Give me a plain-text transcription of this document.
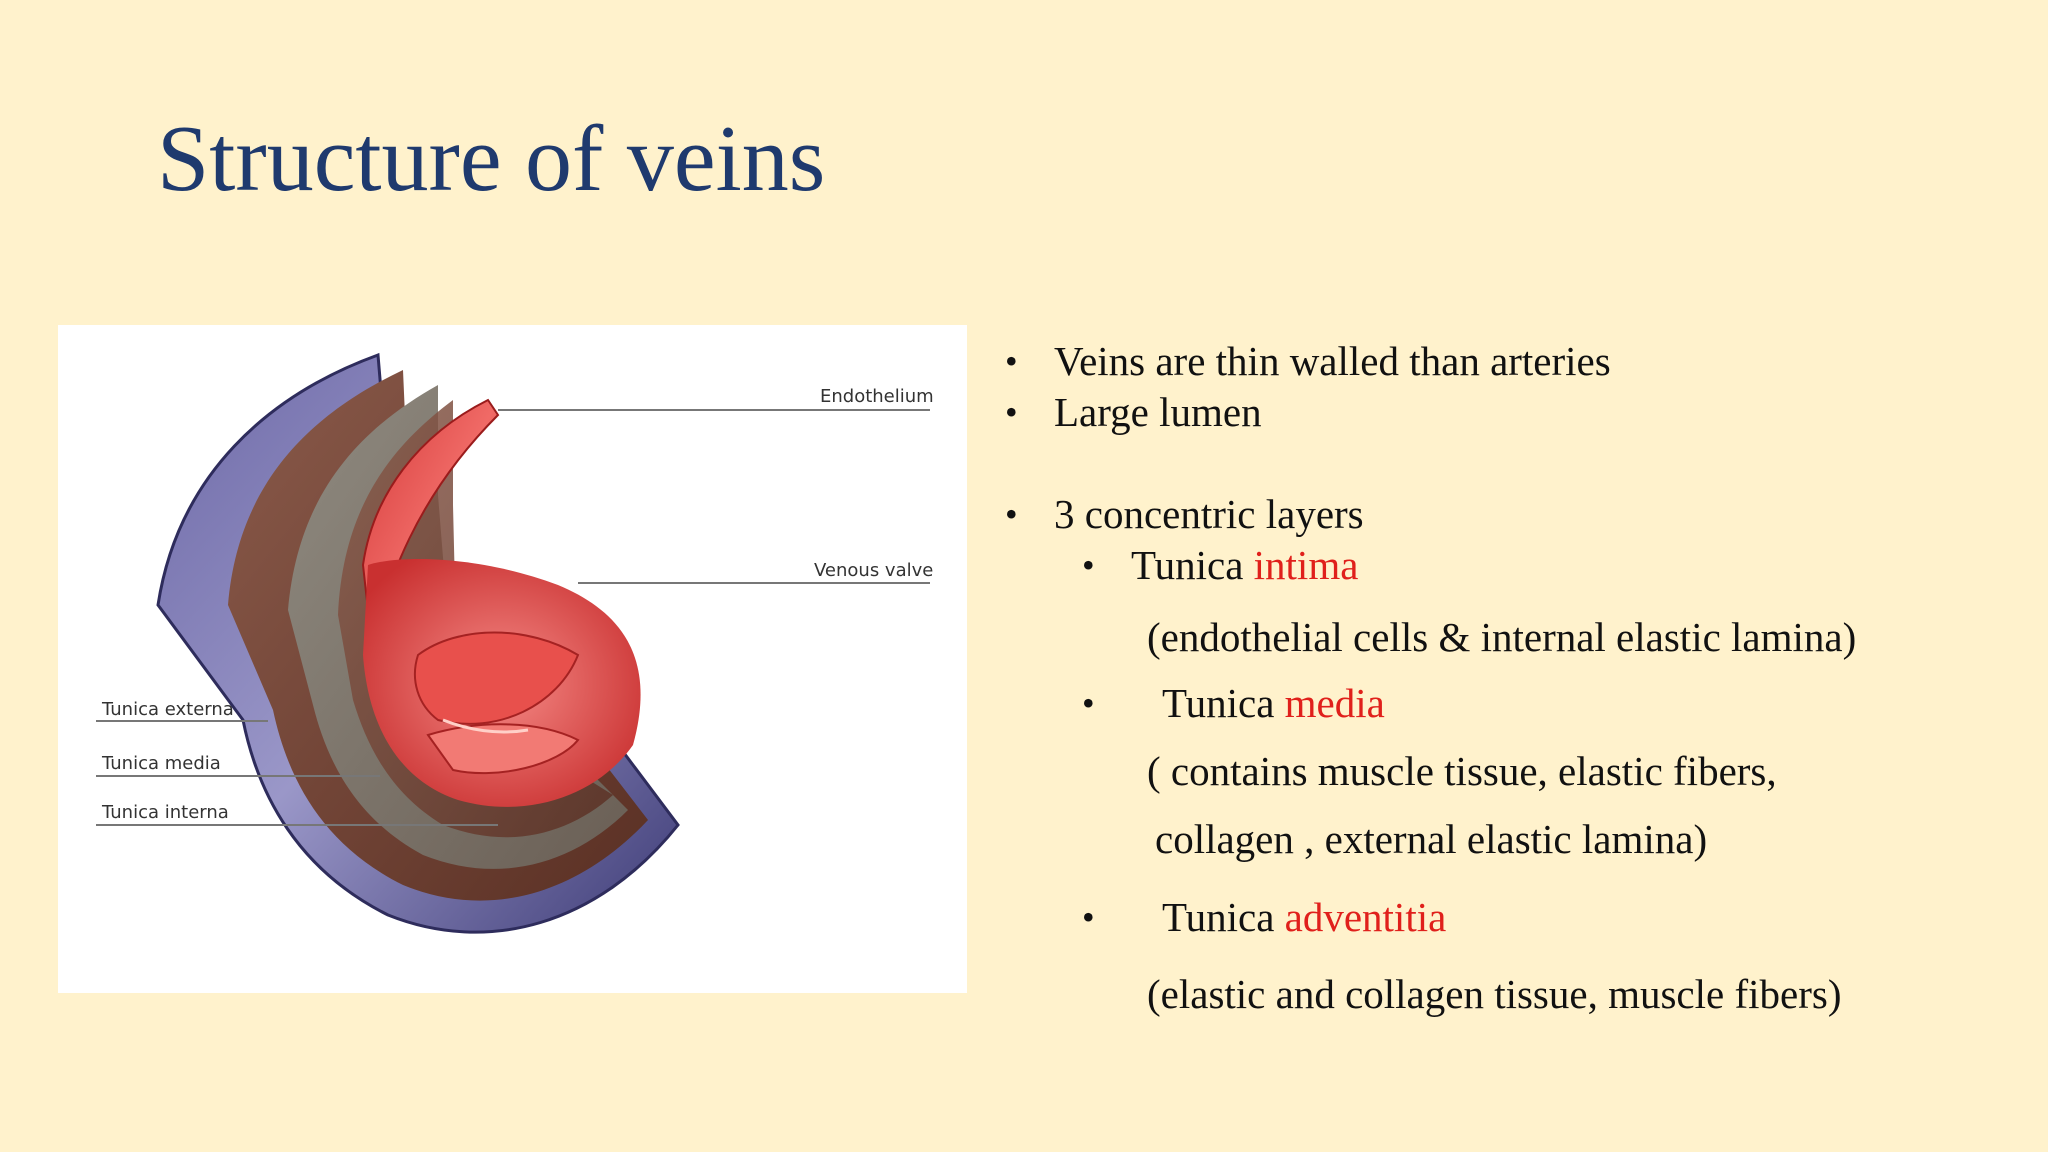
Structure of veins
Endothelium
Venous valve
Tunica externa
Tunica media
Tunica interna
• Veins are thin walled than arteries
• Large lumen
• 3 concentric layers
• Tunica intima
(endothelial cells & internal elastic lamina)
• Tunica media
( contains muscle tissue, elastic fibers,
collagen , external elastic lamina)
• Tunica adventitia
(elastic and collagen tissue, muscle fibers)
